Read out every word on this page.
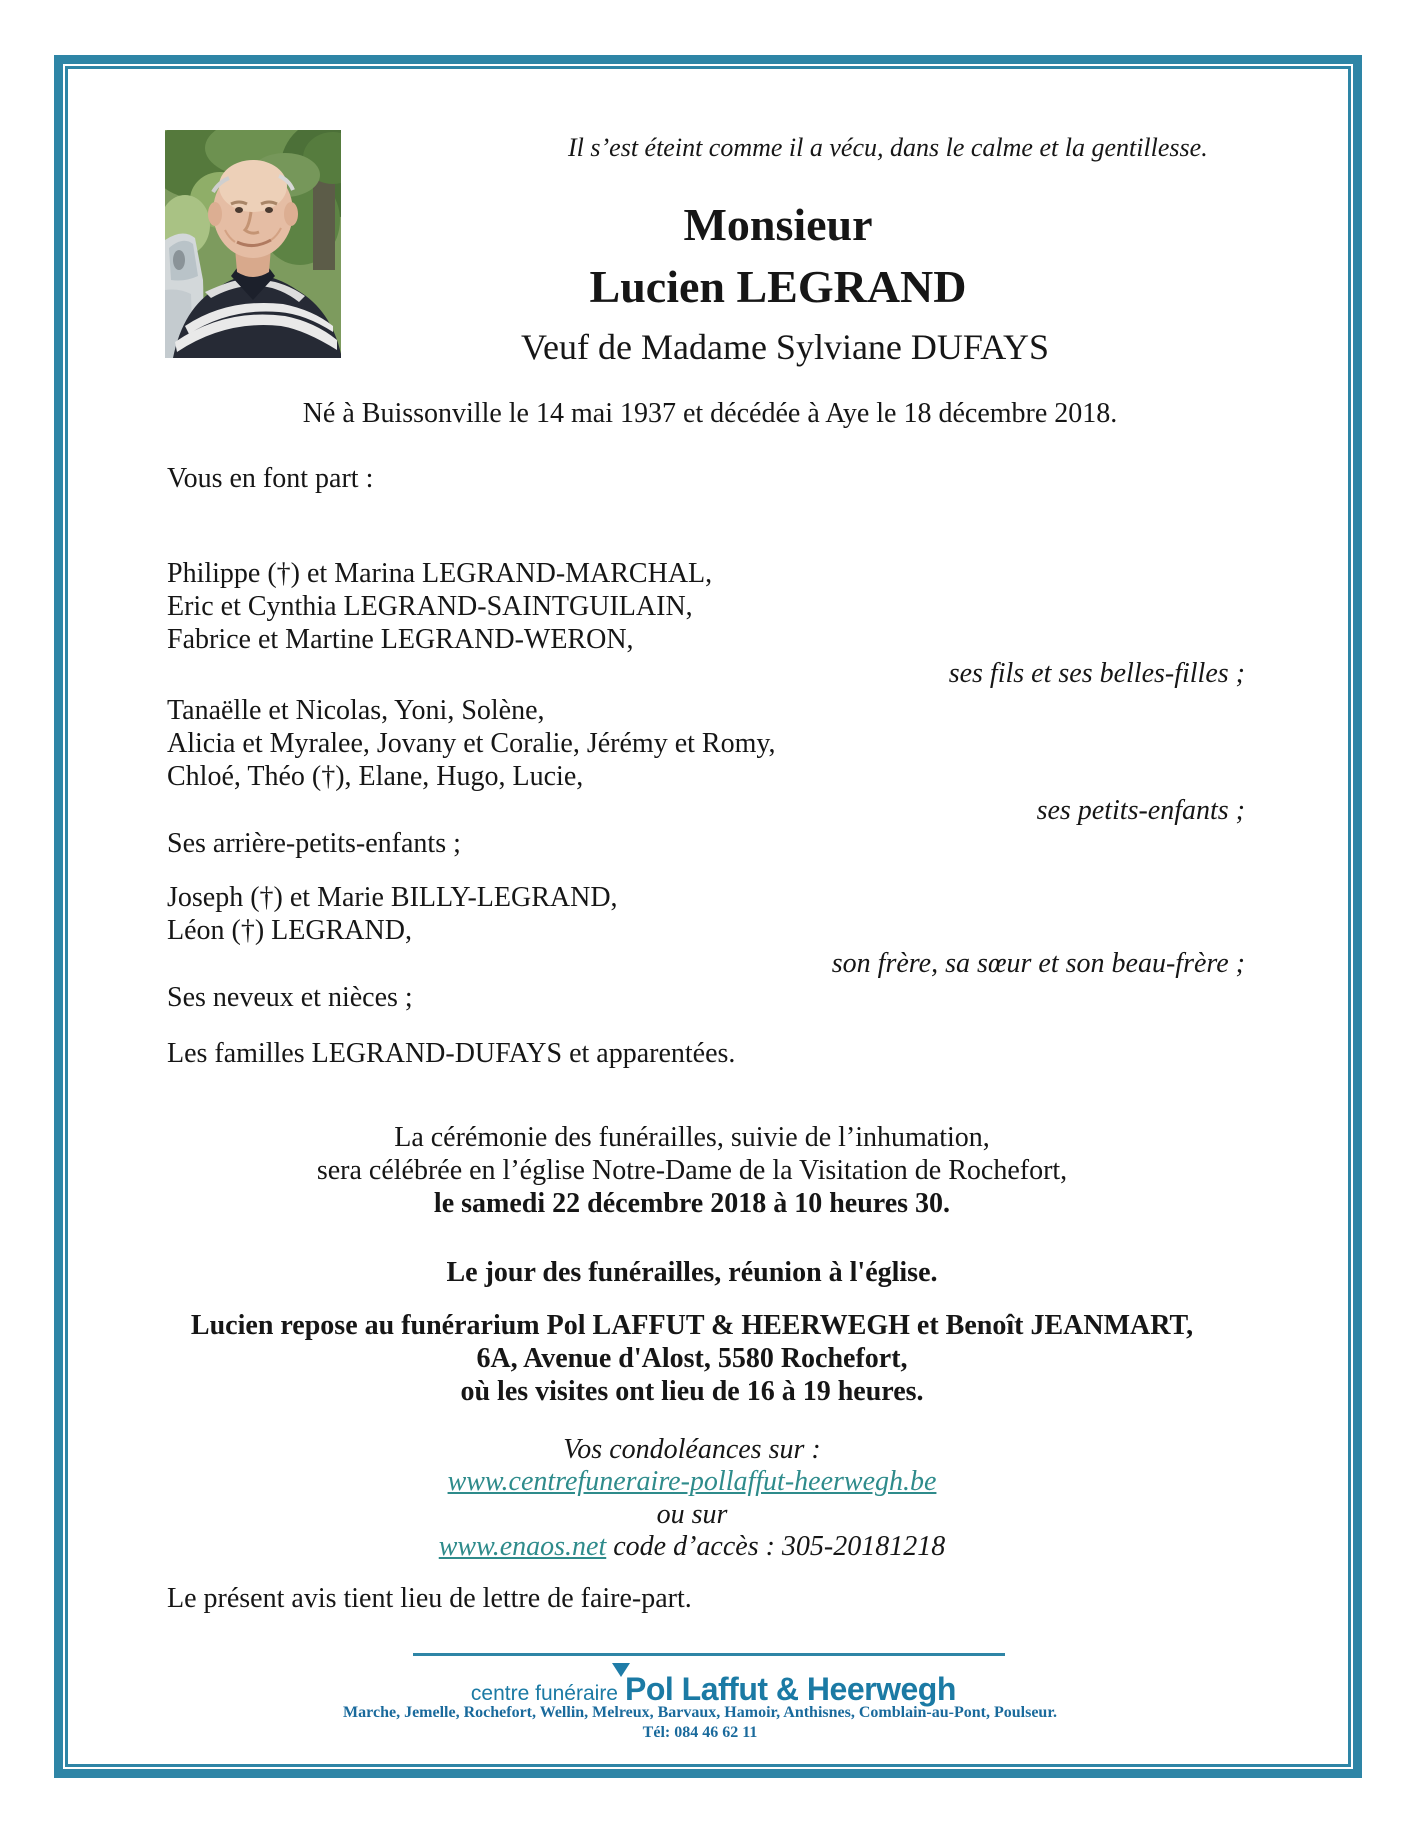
Il s’est éteint comme il a vécu, dans le calme et la gentillesse.
Monsieur
Lucien LEGRAND
Veuf de Madame Sylviane DUFAYS
Né à Buissonville le 14 mai 1937 et décédée à Aye le 18 décembre 2018.
Vous en font part :
Philippe (†) et Marina LEGRAND-MARCHAL,
Eric et Cynthia LEGRAND-SAINTGUILAIN,
Fabrice et Martine LEGRAND-WERON,
ses fils et ses belles-filles ;
Tanaëlle et Nicolas, Yoni, Solène,
Alicia et Myralee, Jovany et Coralie, Jérémy et Romy,
Chloé, Théo (†), Elane, Hugo, Lucie,
ses petits-enfants ;
Ses arrière-petits-enfants ;
Joseph (†) et Marie BILLY-LEGRAND,
Léon (†) LEGRAND,
son frère, sa sœur et son beau-frère ;
Ses neveux et nièces ;
Les familles LEGRAND-DUFAYS et apparentées.
La cérémonie des funérailles, suivie de l’inhumation,
sera célébrée en l’église Notre-Dame de la Visitation de Rochefort,
le samedi 22 décembre 2018 à 10 heures 30.
Le jour des funérailles, réunion à l'église.
Lucien repose au funérarium Pol LAFFUT & HEERWEGH et Benoît JEANMART,
6A, Avenue d'Alost, 5580 Rochefort,
où les visites ont lieu de 16 à 19 heures.
Vos condoléances sur :
www.centrefuneraire-pollaffut-heerwegh.be
ou sur
www.enaos.net code d’accès : 305-20181218
Le présent avis tient lieu de lettre de faire-part.
centre funéraire Pol Laffut & Heerwegh
Marche, Jemelle, Rochefort, Wellin, Melreux, Barvaux, Hamoir, Anthisnes, Comblain-au-Pont, Poulseur.
Tél: 084 46 62 11
